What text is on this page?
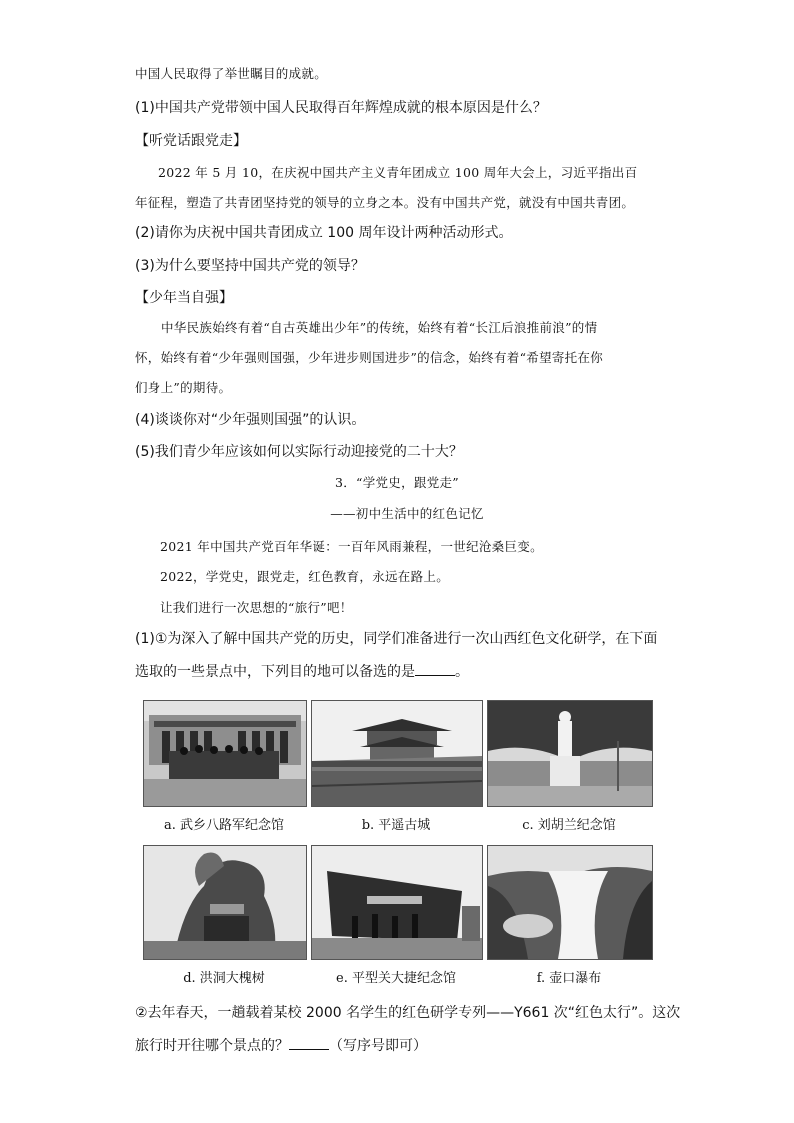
中国人民取得了举世瞩目的成就。
(1)中国共产党带领中国人民取得百年辉煌成就的根本原因是什么？
【听党话跟党走】
2022 年 5 月 10，在庆祝中国共产主义青年团成立 100 周年大会上，习近平指出百
年征程，塑造了共青团坚持党的领导的立身之本。没有中国共产党，就没有中国共青团。
(2)请你为庆祝中国共青团成立 100 周年设计两种活动形式。
(3)为什么要坚持中国共产党的领导？
【少年当自强】
中华民族始终有着“自古英雄出少年”的传统，始终有着“长江后浪推前浪”的情
怀，始终有着“少年强则国强，少年进步则国进步”的信念，始终有着“希望寄托在你
们身上”的期待。
(4)谈谈你对“少年强则国强”的认识。
(5)我们青少年应该如何以实际行动迎接党的二十大？
3．“学党史，跟党走”
——初中生活中的红色记忆
2021 年中国共产党百年华诞：一百年风雨兼程，一世纪沧桑巨变。
2022，学党史，跟党走，红色教育，永远在路上。
让我们进行一次思想的“旅行”吧！
(1)①为深入了解中国共产党的历史，同学们准备进行一次山西红色文化研学，在下面
选取的一些景点中，下列目的地可以备选的是	。
a. 武乡八路军纪念馆	b. 平遥古城	c. 刘胡兰纪念馆
d. 洪洞大槐树	e. 平型关大捷纪念馆	f. 壶口瀑布
②去年春天，一趟载着某校 2000 名学生的红色研学专列——Y661 次“红色太行”。这次
旅行时开往哪个景点的？	（写序号即可）
